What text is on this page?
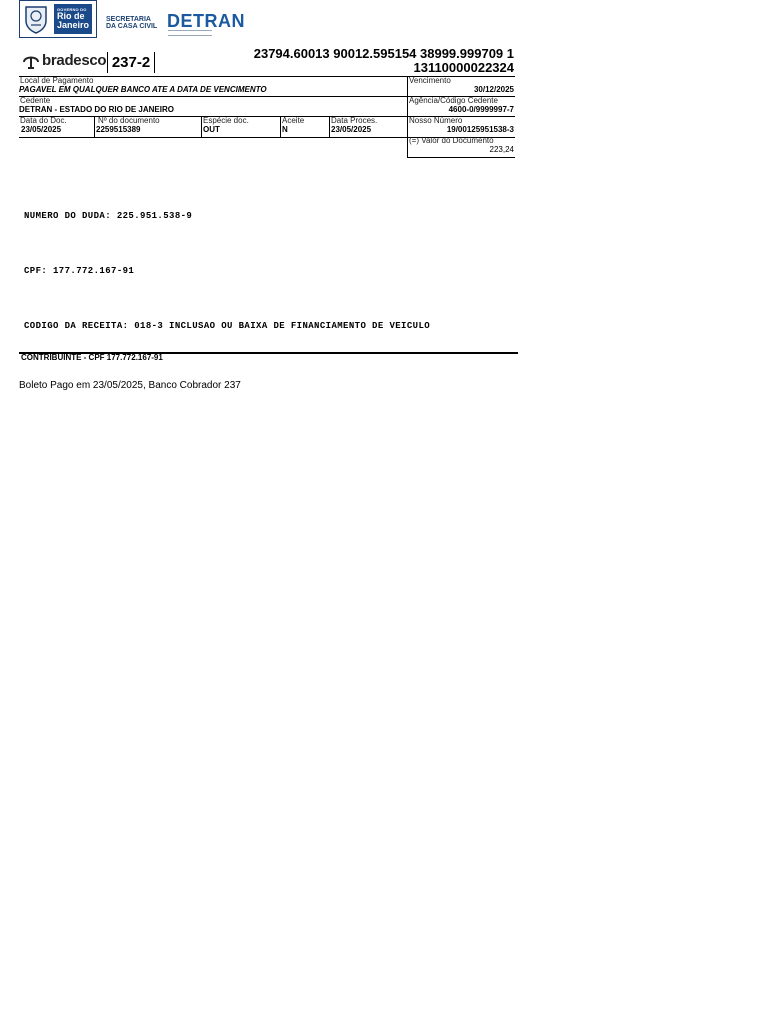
GOVERNO DO
Rio de
Janeiro
SECRETARIA
DA CASA CIVIL DETRAN
bradesco 237-2
23794.60013 90012.595154 38999.999709 1
13110000022324
Local de Pagamento
PAGAVEL EM QUALQUER BANCO ATE A DATA DE VENCIMENTO
Vencimento
30/12/2025
Cedente
DETRAN - ESTADO DO RIO DE JANEIRO
Agência/Código Cedente
4600-0/9999997-7
Data do Doc.
23/05/2025
Nº do documento
2259515389
Espécie doc.
OUT
Aceite
N
Data Proces.
23/05/2025
Nosso Número
19/00125951538-3
(=) Valor do Documento
223,24
NUMERO DO DUDA: 225.951.538-9
CPF: 177.772.167-91
CODIGO DA RECEITA: 018-3 INCLUSAO OU BAIXA DE FINANCIAMENTO DE VEICULO
CONTRIBUINTE - CPF 177.772.167-91
Boleto Pago em 23/05/2025, Banco Cobrador 237
